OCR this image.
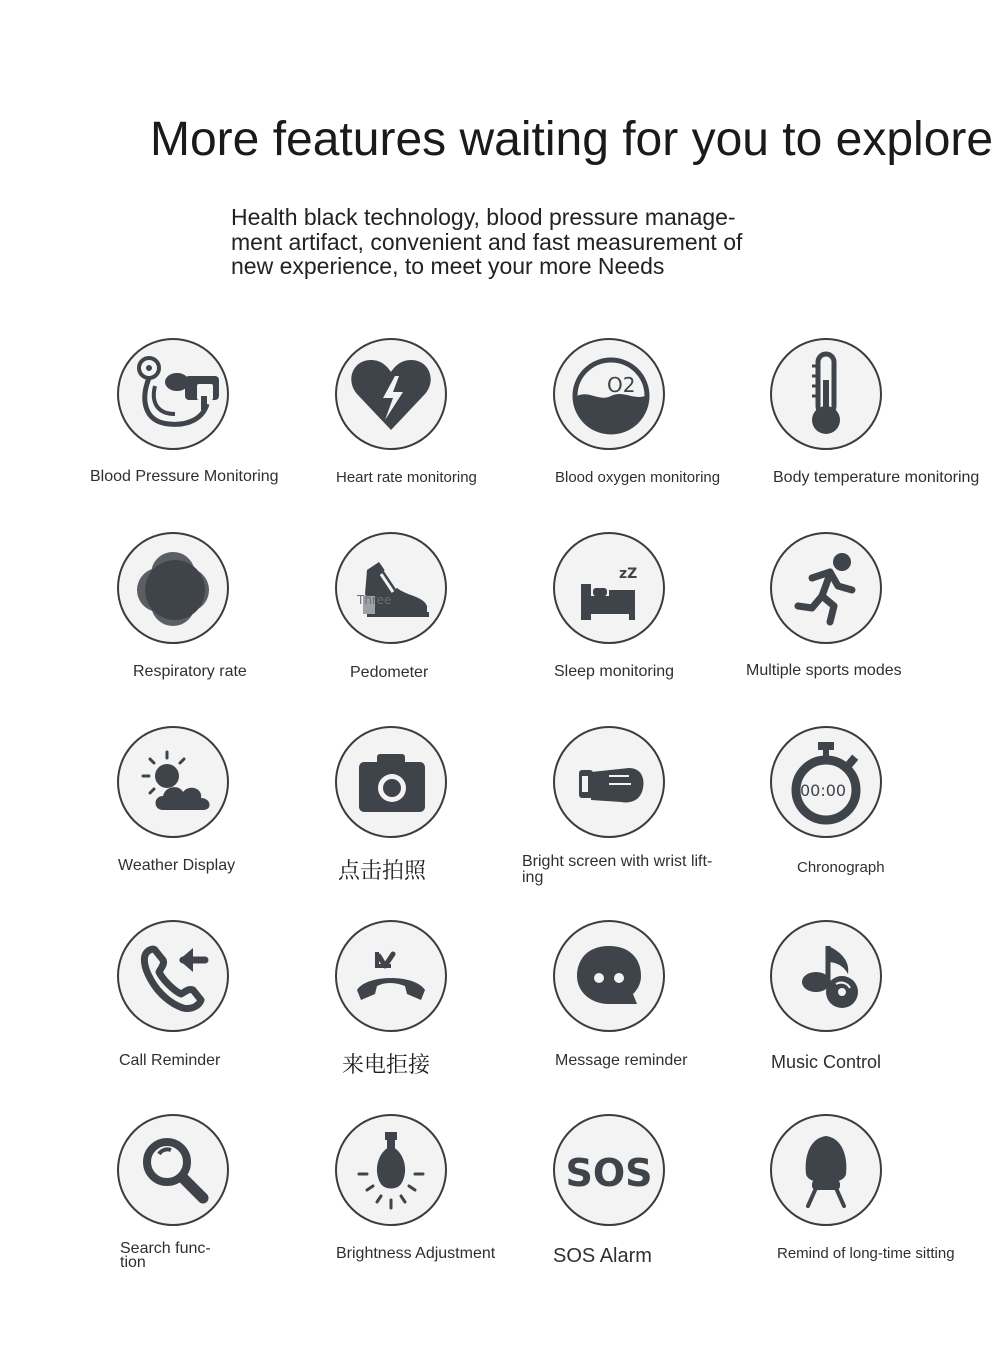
More features waiting for you to explore
Health black technology, blood pressure manage-
ment artifact, convenient and fast measurement of
new experience, to meet your more Needs
Blood Pressure Monitoring	Heart rate monitoring
O2
Blood oxygen monitoring	Body temperature monitoring
Respiratory rate
Three
Pedometer
zZ
Sleep monitoring	Multiple sports modes
Weather Display	点击拍照	Bright screen with wrist lift- ing
00:00
Chronograph
Call Reminder	来电拒接	Message reminder	Music Control
Search func- tion
Brightness Adjustment
SOS
SOS Alarm	Remind of long-time sitting
